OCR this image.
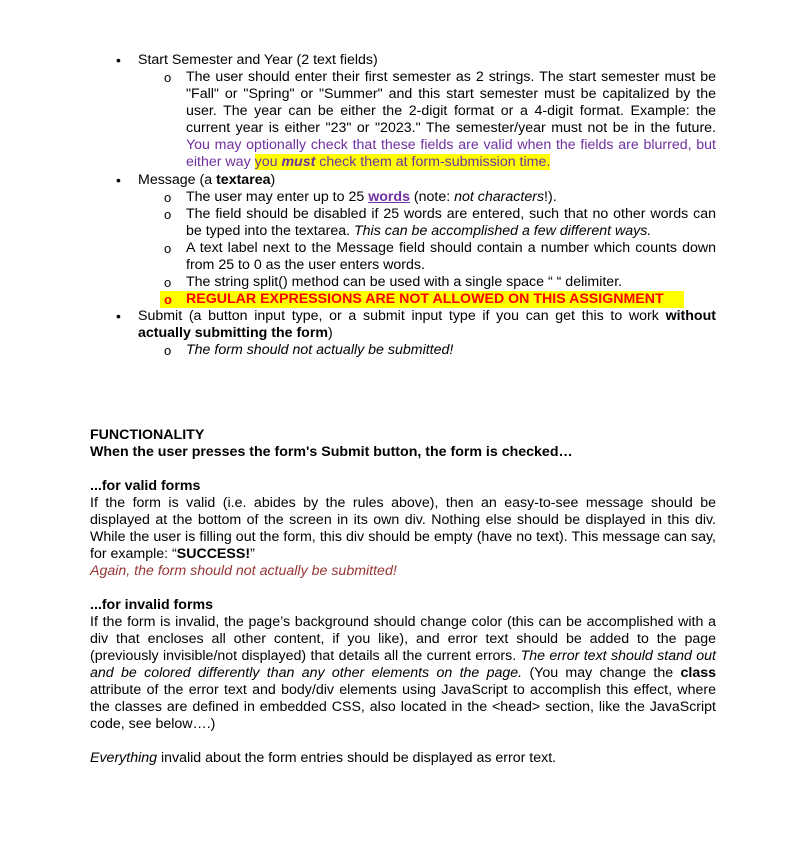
• Start Semester and Year (2 text fields)
o The user should enter their first semester as 2 strings. The start semester must be "Fall" or "Spring" or "Summer" and this start semester must be capitalized by the user. The year can be either the 2-digit format or a 4-digit format. Example: the current year is either "23" or "2023." The semester/year must not be in the future. You may optionally check that these fields are valid when the fields are blurred, but either way you must check them at form-submission time.
• Message (a textarea)
o The user may enter up to 25 words (note: not characters!).
o The field should be disabled if 25 words are entered, such that no other words can be typed into the textarea. This can be accomplished a few different ways.
o A text label next to the Message field should contain a number which counts down from 25 to 0 as the user enters words.
o The string split() method can be used with a single space “ “ delimiter.
o REGULAR EXPRESSIONS ARE NOT ALLOWED ON THIS ASSIGNMENT
• Submit (a button input type, or a submit input type if you can get this to work without actually submitting the form)
o The form should not actually be submitted!
FUNCTIONALITY
When the user presses the form's Submit button, the form is checked…
...for valid forms
If the form is valid (i.e. abides by the rules above), then an easy-to-see message should be displayed at the bottom of the screen in its own div. Nothing else should be displayed in this div. While the user is filling out the form, this div should be empty (have no text). This message can say, for example: “SUCCESS!”
Again, the form should not actually be submitted!
...for invalid forms
If the form is invalid, the page’s background should change color (this can be accomplished with a div that encloses all other content, if you like), and error text should be added to the page (previously invisible/not displayed) that details all the current errors. The error text should stand out and be colored differently than any other elements on the page. (You may change the class attribute of the error text and body/div elements using JavaScript to accomplish this effect, where the classes are defined in embedded CSS, also located in the <head> section, like the JavaScript code, see below….)
Everything invalid about the form entries should be displayed as error text.
